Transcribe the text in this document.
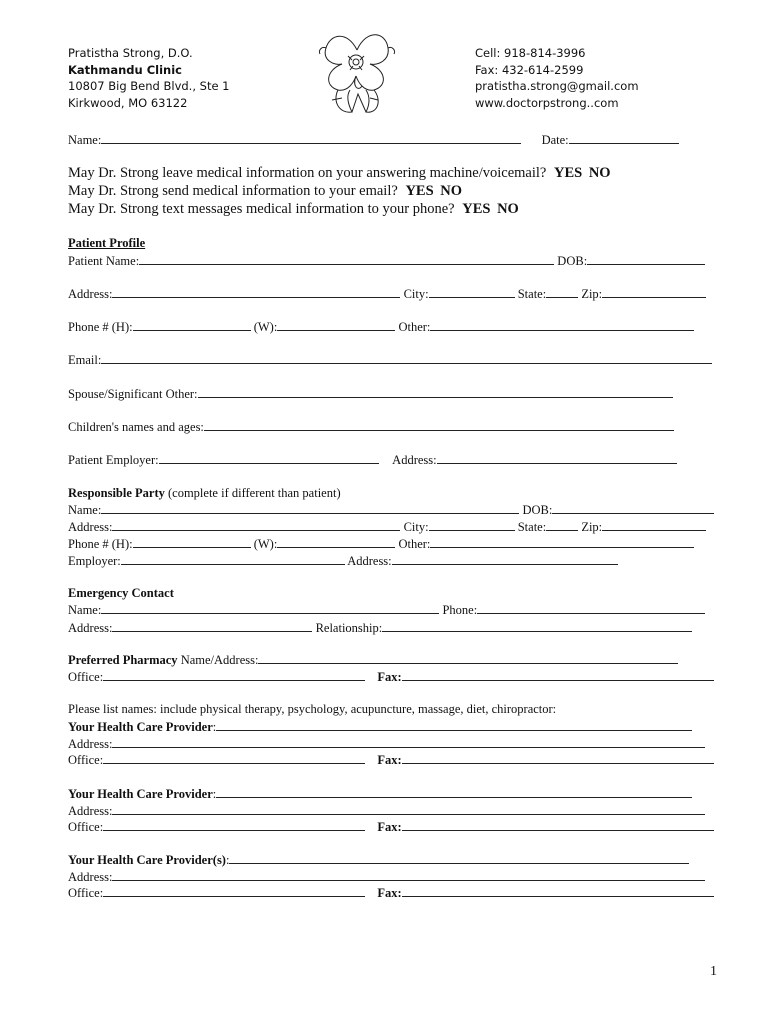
Pratistha Strong, D.O.
Kathmandu Clinic
10807 Big Bend Blvd., Ste 1
Kirkwood, MO 63122
Cell: 918-814-3996
Fax: 432-614-2599
pratistha.strong@gmail.com
www.doctorpstrong..com
Name:	Date:
May Dr. Strong leave medical information on your answering machine/voicemail? YES NO
May Dr. Strong send medical information to your email? YES NO
May Dr. Strong text messages medical information to your phone? YES NO
Patient Profile
Patient Name:	DOB:
Address:	City:	State:	Zip:
Phone # (H):	(W):	Other:
Email:
Spouse/Significant Other:
Children's names and ages:
Patient Employer:	Address:
Responsible Party (complete if different than patient)
Name:	DOB:
Address:	City:	State:	Zip:
Phone # (H):	(W):	Other:
Employer:	Address:
Emergency Contact
Name:	Phone:
Address:	Relationship:
Preferred Pharmacy Name/Address:
Office:	Fax:
Please list names: include physical therapy, psychology, acupuncture, massage, diet, chiropractor:
Your Health Care Provider:
Address:
Office:	Fax:
Your Health Care Provider:
Address:
Office:	Fax:
Your Health Care Provider(s):
Address:
Office:	Fax:
1
